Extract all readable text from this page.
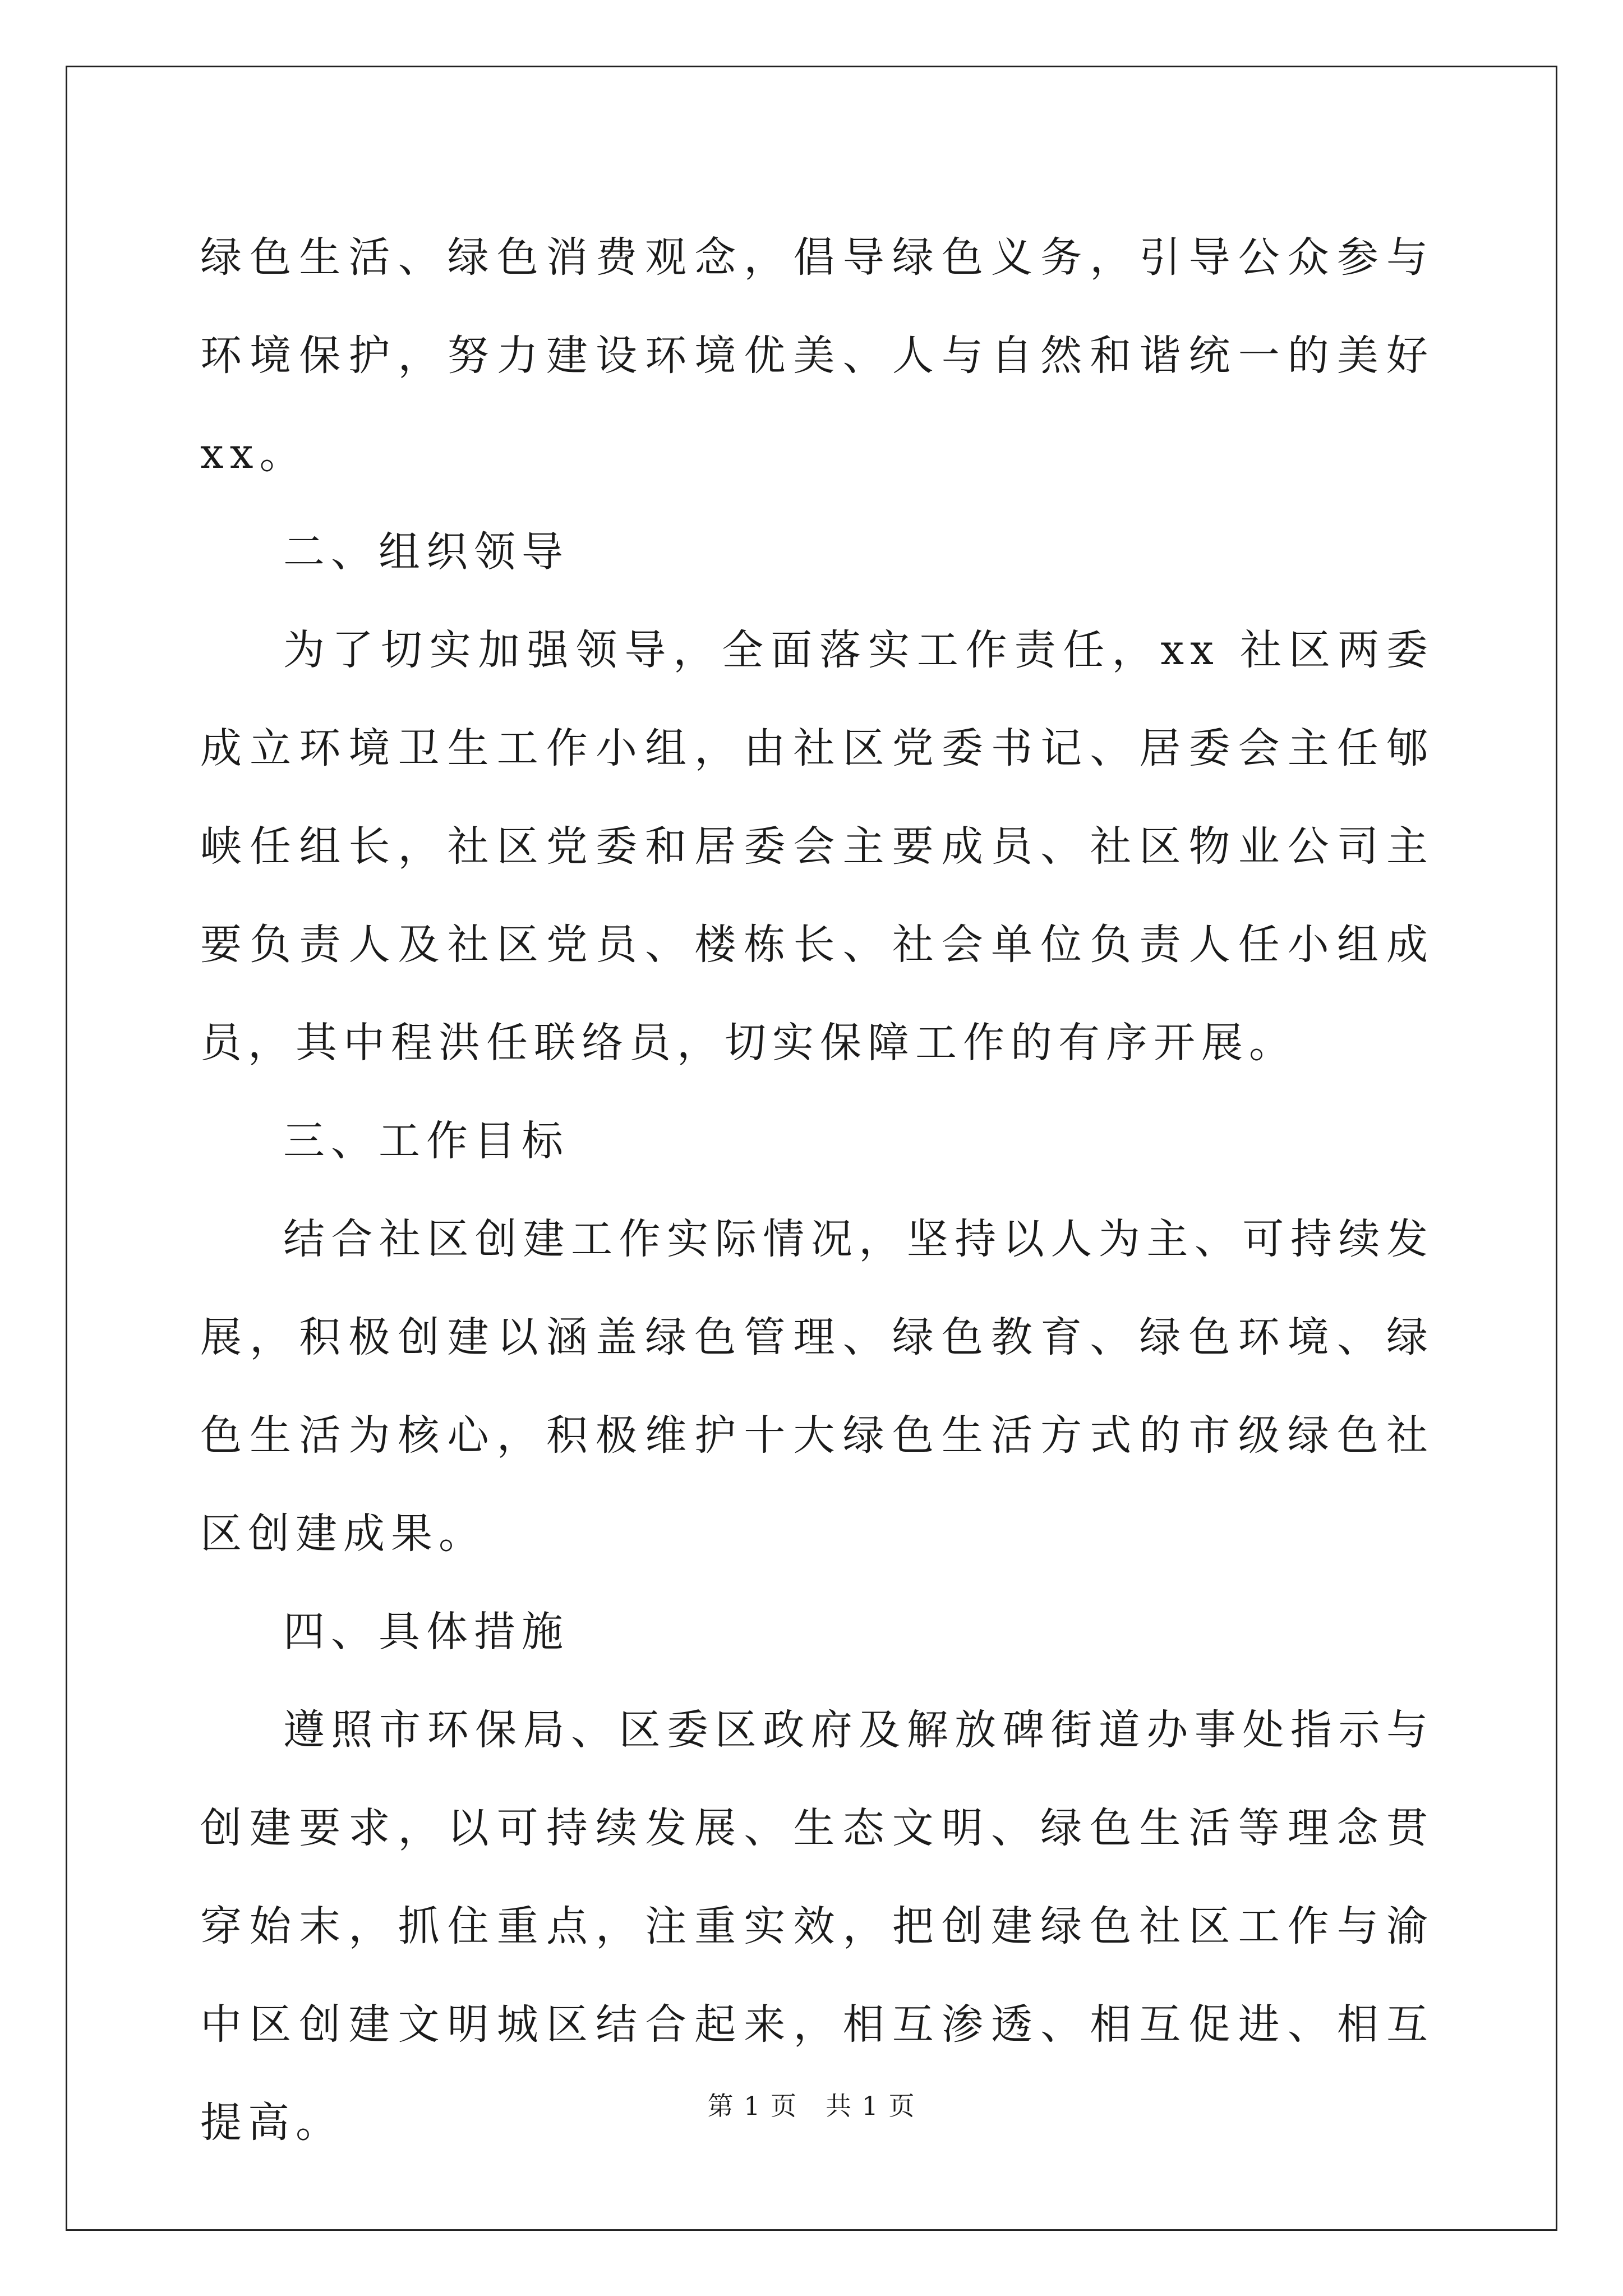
绿色生活、绿色消费观念，倡导绿色义务，引导公众参与环境保护，努力建设环境优美、人与自然和谐统一的美好 xx。

二、组织领导

为了切实加强领导，全面落实工作责任，xx 社区两委成立环境卫生工作小组，由社区党委书记、居委会主任郇峡任组长，社区党委和居委会主要成员、社区物业公司主要负责人及社区党员、楼栋长、社会单位负责人任小组成员，其中程洪任联络员，切实保障工作的有序开展。

三、工作目标

结合社区创建工作实际情况，坚持以人为主、可持续发展，积极创建以涵盖绿色管理、绿色教育、绿色环境、绿色生活为核心，积极维护十大绿色生活方式的市级绿色社区创建成果。

四、具体措施

遵照市环保局、区委区政府及解放碑街道办事处指示与创建要求，以可持续发展、生态文明、绿色生活等理念贯穿始末，抓住重点，注重实效，把创建绿色社区工作与渝中区创建文明城区结合起来，相互渗透、相互促进、相互提高。	第 1 页 共 1 页
